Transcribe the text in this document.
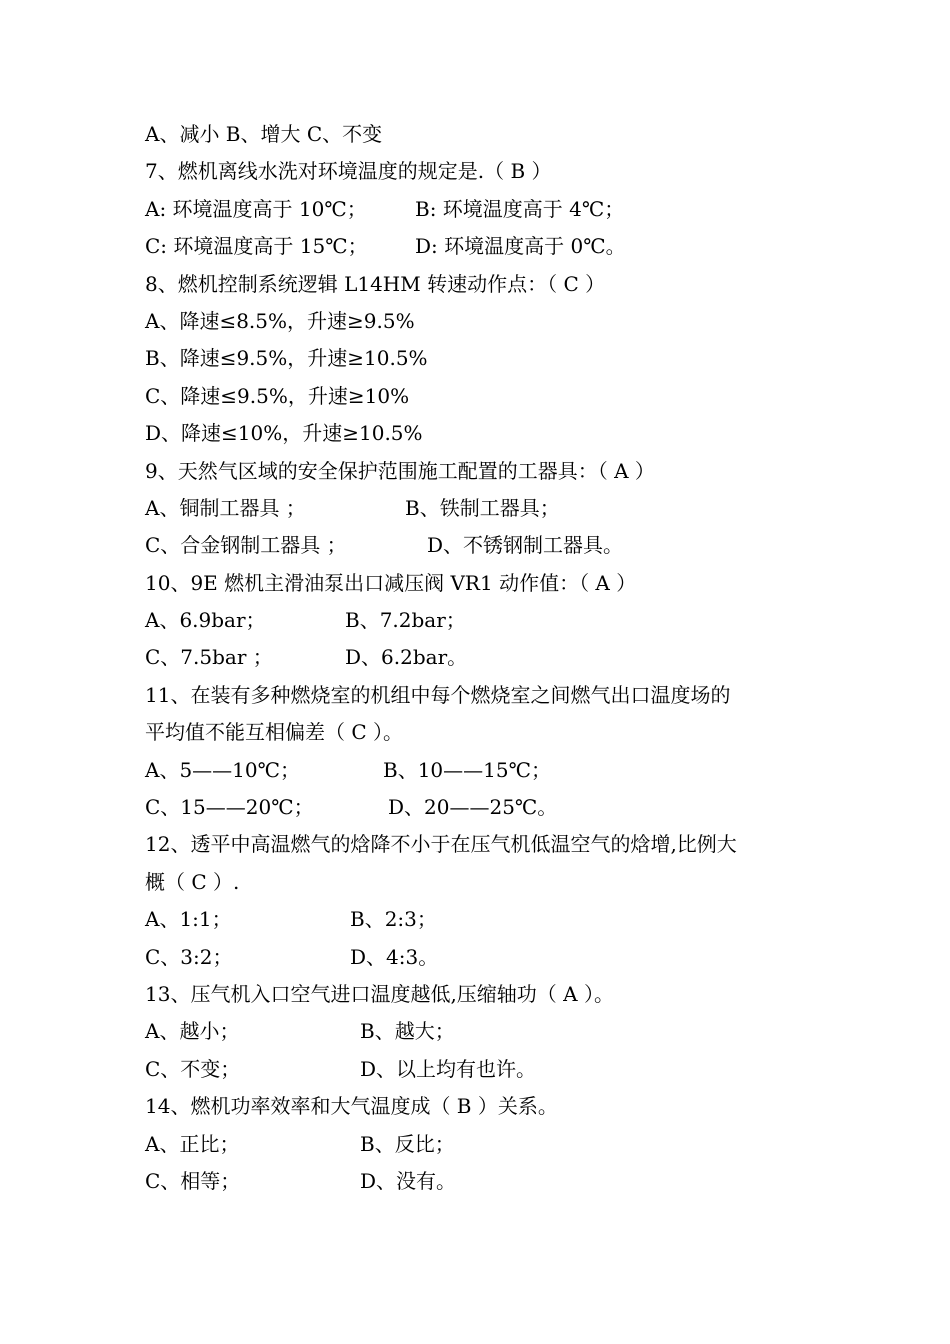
A、减小 B、增大 C、不变
7、燃机离线水洗对环境温度的规定是.（ B ）
A: 环境温度高于 10℃； B: 环境温度高于 4℃；
C: 环境温度高于 15℃； D: 环境温度高于 0℃。
8、燃机控制系统逻辑 L14HM 转速动作点：（ C ）
A、降速≤8.5%，升速≥9.5%
B、降速≤9.5%，升速≥10.5%
C、降速≤9.5%，升速≥10%
D、降速≤10%，升速≥10.5%
9、天然气区域的安全保护范围施工配置的工器具：（ A ）
A、铜制工器具 ；	B、铁制工器具；
C、合金钢制工器具 ；	D、不锈钢制工器具。
10、9E 燃机主滑油泵出口减压阀 VR1 动作值：（ A ）
A、6.9bar；	B、7.2bar；
C、7.5bar ；	D、6.2bar。
11、在装有多种燃烧室的机组中每个燃烧室之间燃气出口温度场的
平均值不能互相偏差（ C ）。
A、5——10℃；	B、10——15℃；
C、15——20℃；	D、20——25℃。
12、透平中高温燃气的焓降不小于在压气机低温空气的焓增,比例大
概（ C ）.
A、1:1；	B、2:3；
C、3:2；	D、4:3。
13、压气机入口空气进口温度越低,压缩轴功（ A ）。
A、越小；	B、越大；
C、不变；	D、以上均有也许。
14、燃机功率效率和大气温度成（ B ）关系。
A、正比；	B、反比；
C、相等；	D、没有。
